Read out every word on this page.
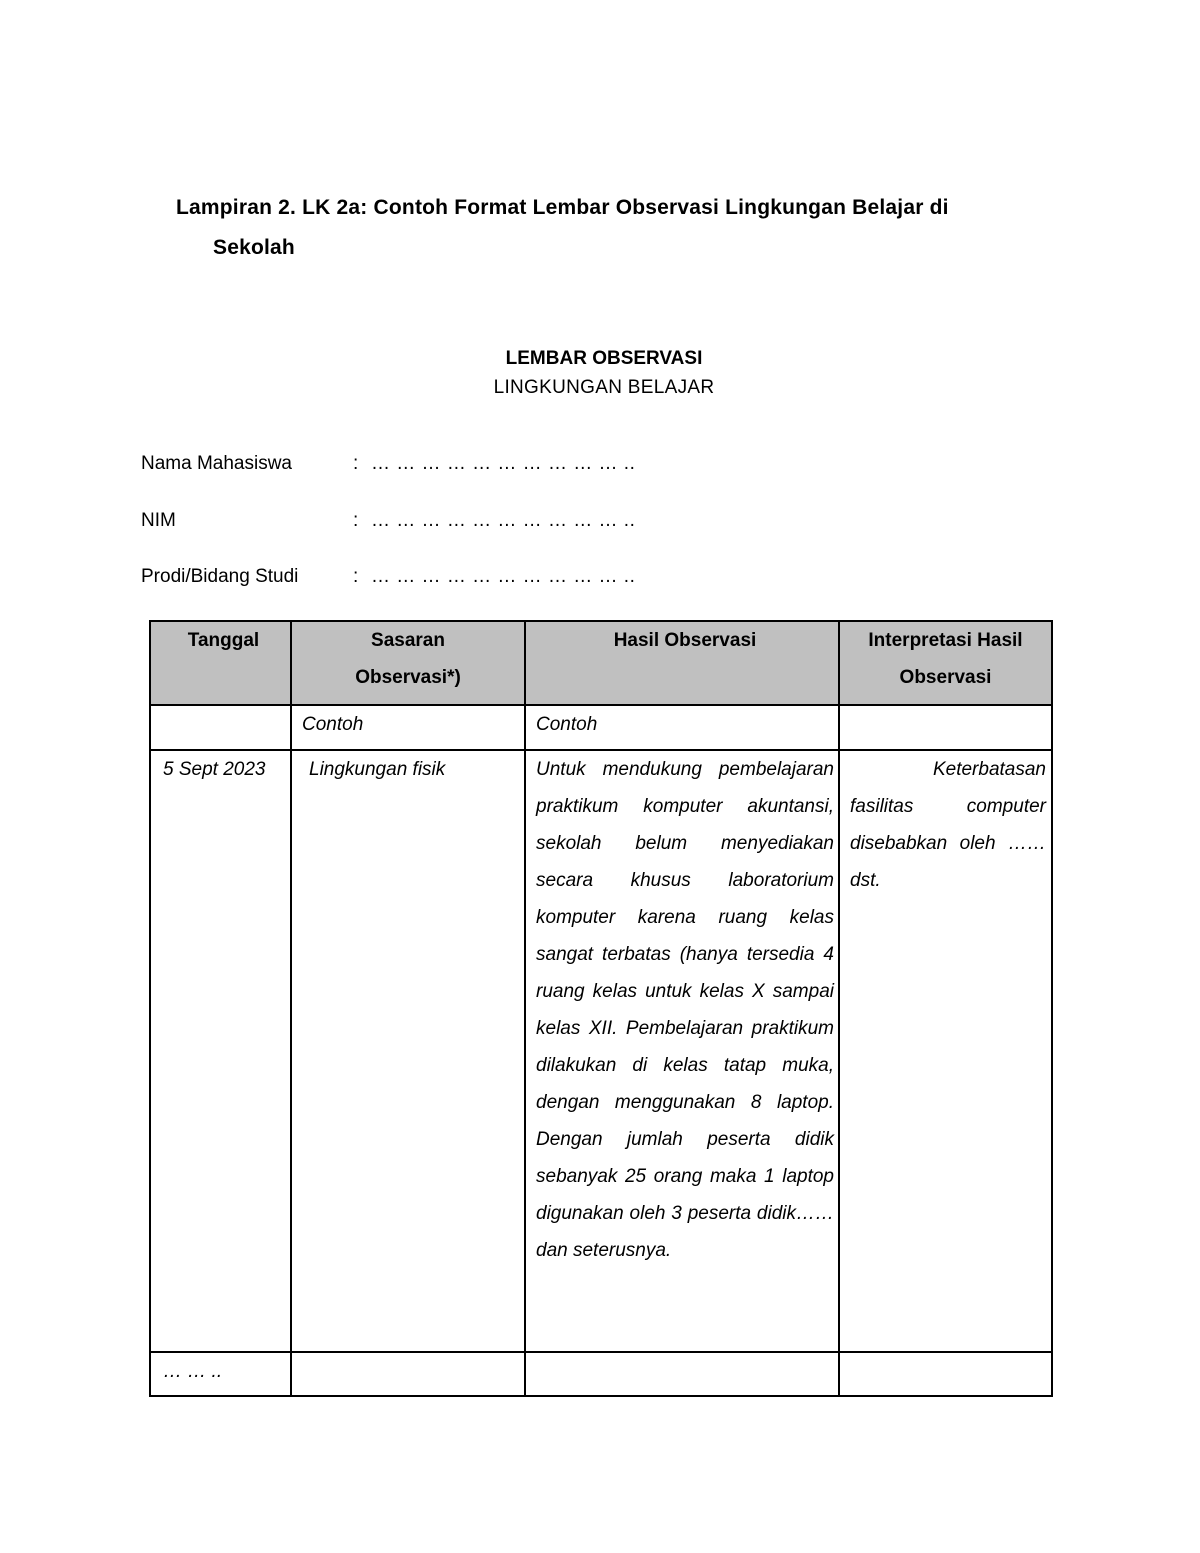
Lampiran 2. LK 2a: Contoh Format Lembar Observasi Lingkungan Belajar di
Sekolah
LEMBAR OBSERVASI
LINGKUNGAN BELAJAR
Nama Mahasiswa	: … … … … … … … … … … ..
NIM	: … … … … … … … … … … ..
Prodi/Bidang Studi	: … … … … … … … … … … ..
Tanggal	Sasaran Observasi*)	Hasil Observasi	Interpretasi Hasil Observasi

	Contoh	Contoh	

5 Sept 2023	Lingkungan fisik	Untuk mendukung pembelajaran praktikum komputer akuntansi, sekolah belum menyediakan secara khusus laboratorium komputer karena ruang kelas sangat terbatas (hanya tersedia 4 ruang kelas untuk kelas X sampai kelas XII. Pembelajaran praktikum dilakukan di kelas tatap muka, dengan menggunakan 8 laptop. Dengan jumlah peserta didik sebanyak 25 orang maka 1 laptop digunakan oleh 3 peserta didik……dan seterusnya.	Keterbatasan
fasilitas computer disebabkan oleh ……dst.

… … ..			
